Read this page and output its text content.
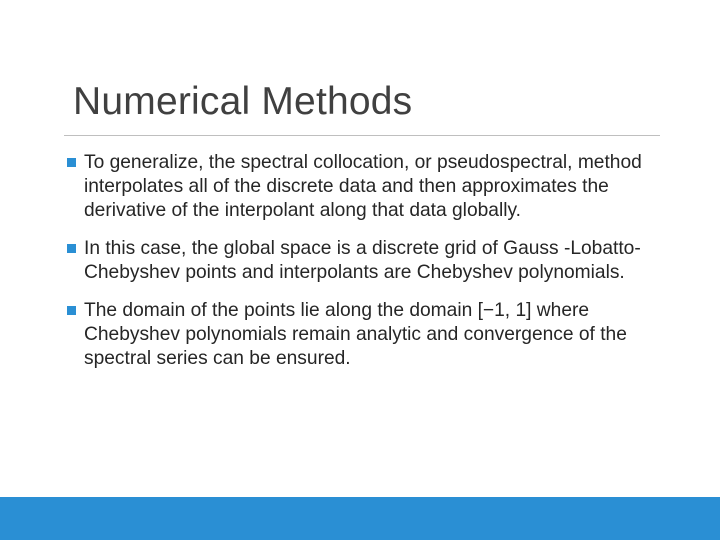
Numerical Methods
To generalize, the spectral collocation, or pseudospectral, method interpolates all of the discrete data and then approximates the derivative of the interpolant along that data globally.
In this case, the global space is a discrete grid of Gauss -Lobatto-Chebyshev points and interpolants are Chebyshev polynomials.
The domain of the points lie along the domain [−1, 1] where Chebyshev polynomials remain analytic and convergence of the spectral series can be ensured.
